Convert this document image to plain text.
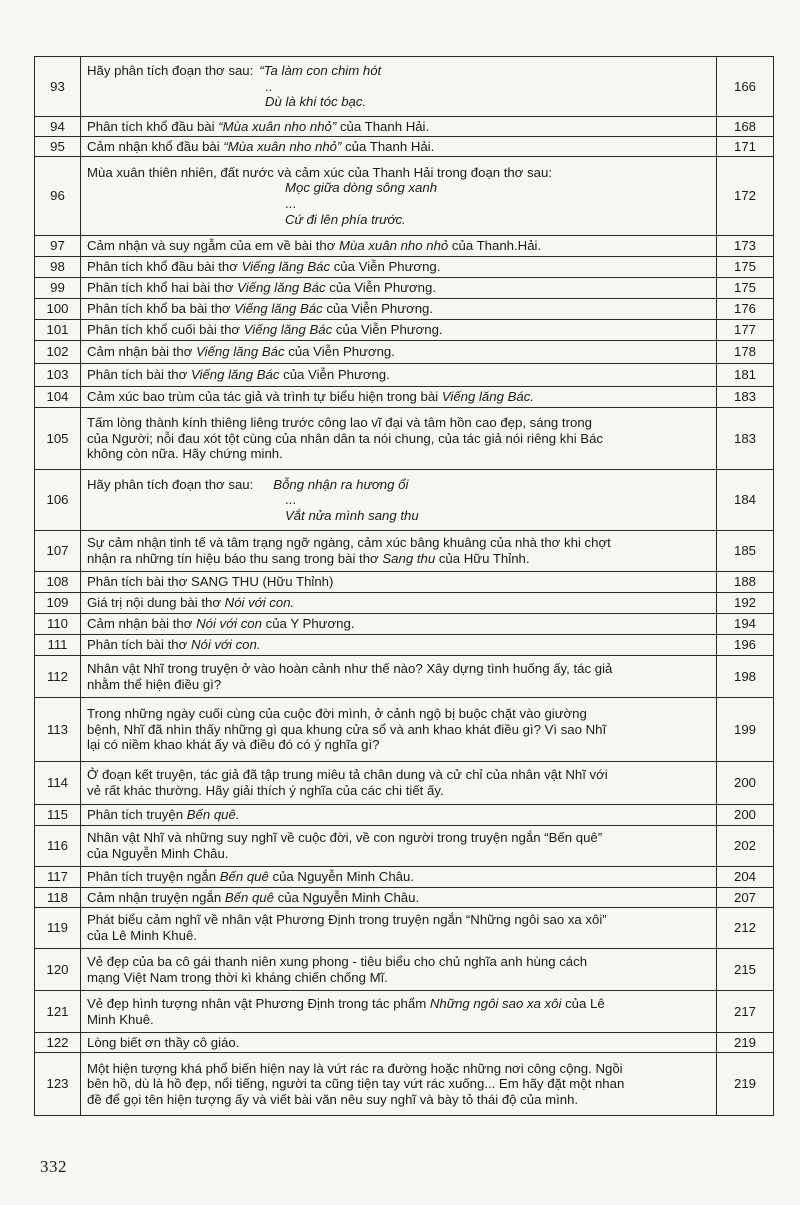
93	Hãy phân tích đoạn thơ sau: “Ta làm con chim hót
..
Dù là khi tóc bạc.	166
94	Phân tích khổ đầu bài “Mùa xuân nho nhỏ” của Thanh Hải.	168
95	Cảm nhận khổ đầu bài “Mùa xuân nho nhỏ” của Thanh Hải.	171
96	Mùa xuân thiên nhiên, đất nước và cảm xúc của Thanh Hải trong đoạn thơ sau:
Mọc giữa dòng sông xanh
...
Cứ đi lên phía trước.	172
97	Cảm nhận và suy ngẫm của em về bài thơ Mùa xuân nho nhỏ của Thanh.Hải.	173
98	Phân tích khổ đầu bài thơ Viếng lăng Bác của Viễn Phương.	175
99	Phân tích khổ hai bài thơ Viếng lăng Bác của Viễn Phương.	175
100	Phân tích khổ ba bài thơ Viếng lăng Bác của Viễn Phương.	176
101	Phân tích khổ cuối bài thơ Viếng lăng Bác của Viễn Phương.	177
102	Cảm nhận bài thơ Viếng lăng Bác của Viễn Phương.	178
103	Phân tích bài thơ Viếng lăng Bác của Viễn Phương.	181
104	Cảm xúc bao trùm của tác giả và trình tự biểu hiện trong bài Viếng lăng Bác.	183
105	Tấm lòng thành kính thiêng liêng trước công lao vĩ đại và tâm hồn cao đẹp, sáng trong
của Người; nỗi đau xót tột cùng của nhân dân ta nói chung, của tác giả nói riêng khi Bác
không còn nữa. Hãy chứng minh.	183
106	Hãy phân tích đoạn thơ sau: Bỗng nhận ra hương ổi
...
Vắt nửa mình sang thu	184
107	Sự cảm nhận tinh tế và tâm trạng ngỡ ngàng, cảm xúc bâng khuâng của nhà thơ khi chợt
nhận ra những tín hiệu báo thu sang trong bài thơ Sang thu của Hữu Thỉnh.	185
108	Phân tích bài thơ SANG THU (Hữu Thỉnh)	188
109	Giá trị nội dung bài thơ Nói với con.	192
110	Cảm nhận bài thơ Nói với con của Y Phương.	194
111	Phân tích bài thơ Nói với con.	196
112	Nhân vật Nhĩ trong truyện ở vào hoàn cảnh như thế nào? Xây dựng tình huống ấy, tác giả
nhằm thể hiện điều gì?	198
113	Trong những ngày cuối cùng của cuộc đời mình, ở cảnh ngộ bị buộc chặt vào giường
bệnh, Nhĩ đã nhìn thấy những gì qua khung cửa sổ và anh khao khát điều gì? Vì sao Nhĩ
lại có niềm khao khát ấy và điều đó có ý nghĩa gì?	199
114	Ở đoạn kết truyện, tác giả đã tập trung miêu tả chân dung và cử chỉ của nhân vật Nhĩ với
vẻ rất khác thường. Hãy giải thích ý nghĩa của các chi tiết ấy.	200
115	Phân tích truyện Bến quê.	200
116	Nhân vật Nhĩ và những suy nghĩ về cuộc đời, về con người trong truyện ngắn “Bến quê”
của Nguyễn Minh Châu.	202
117	Phân tích truyện ngắn Bến quê của Nguyễn Minh Châu.	204
118	Cảm nhận truyện ngắn Bến quê của Nguyễn Minh Châu.	207
119	Phát biểu cảm nghĩ về nhân vật Phương Định trong truyện ngắn “Những ngôi sao xa xôi”
của Lê Minh Khuê.	212
120	Vẻ đẹp của ba cô gái thanh niên xung phong - tiêu biểu cho chủ nghĩa anh hùng cách
mạng Việt Nam trong thời kì kháng chiến chống Mĩ.	215
121	Vẻ đẹp hình tượng nhân vật Phương Định trong tác phẩm Những ngôi sao xa xôi của Lê
Minh Khuê.	217
122	Lòng biết ơn thầy cô giáo.	219
123	Một hiện tượng khá phổ biến hiện nay là vứt rác ra đường hoặc những nơi công cộng. Ngồi
bên hồ, dù là hồ đẹp, nổi tiếng, người ta cũng tiện tay vứt rác xuống... Em hãy đặt một nhan
đề để gọi tên hiện tượng ấy và viết bài văn nêu suy nghĩ và bày tỏ thái độ của mình.	219
332
